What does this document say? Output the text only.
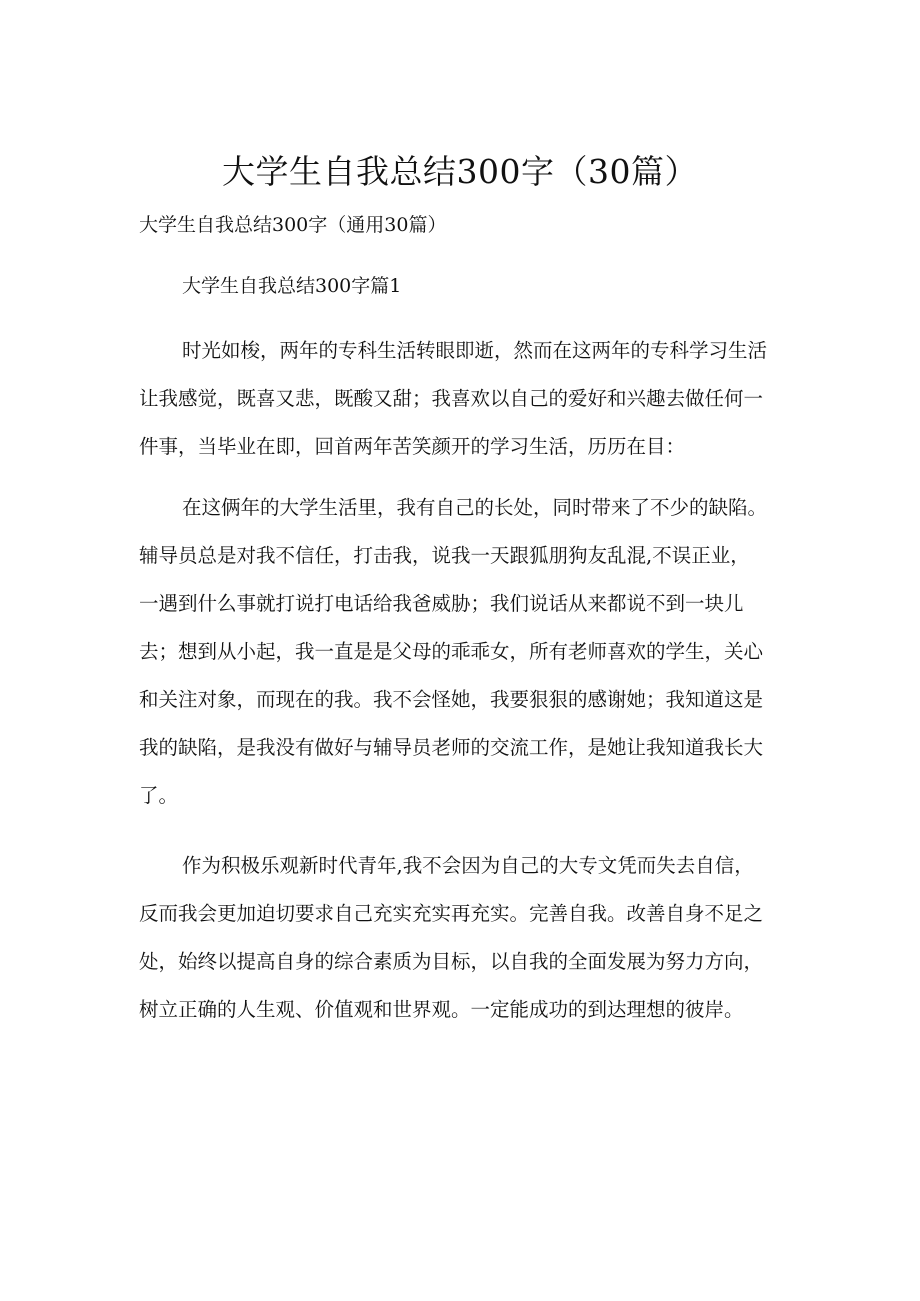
大学生自我总结300字（30篇）

大学生自我总结300字（通用30篇）

大学生自我总结300字篇1
时光如梭，两年的专科生活转眼即逝，然而在这两年的专科学习生活
让我感觉，既喜又悲，既酸又甜；我喜欢以自己的爱好和兴趣去做任何一
件事，当毕业在即，回首两年苦笑颜开的学习生活，历历在目：
在这俩年的大学生活里，我有自己的长处，同时带来了不少的缺陷。
辅导员总是对我不信任，打击我，说我一天跟狐朋狗友乱混,不误正业，
一遇到什么事就打说打电话给我爸威胁；我们说话从来都说不到一块儿
去；想到从小起，我一直是是父母的乖乖女，所有老师喜欢的学生，关心
和关注对象，而现在的我。我不会怪她，我要狠狠的感谢她；我知道这是
我的缺陷，是我没有做好与辅导员老师的交流工作，是她让我知道我长大
了。
作为积极乐观新时代青年,我不会因为自己的大专文凭而失去自信，
反而我会更加迫切要求自己充实充实再充实。完善自我。改善自身不足之
处，始终以提高自身的综合素质为目标，以自我的全面发展为努力方向，
树立正确的人生观、价值观和世界观。一定能成功的到达理想的彼岸。
